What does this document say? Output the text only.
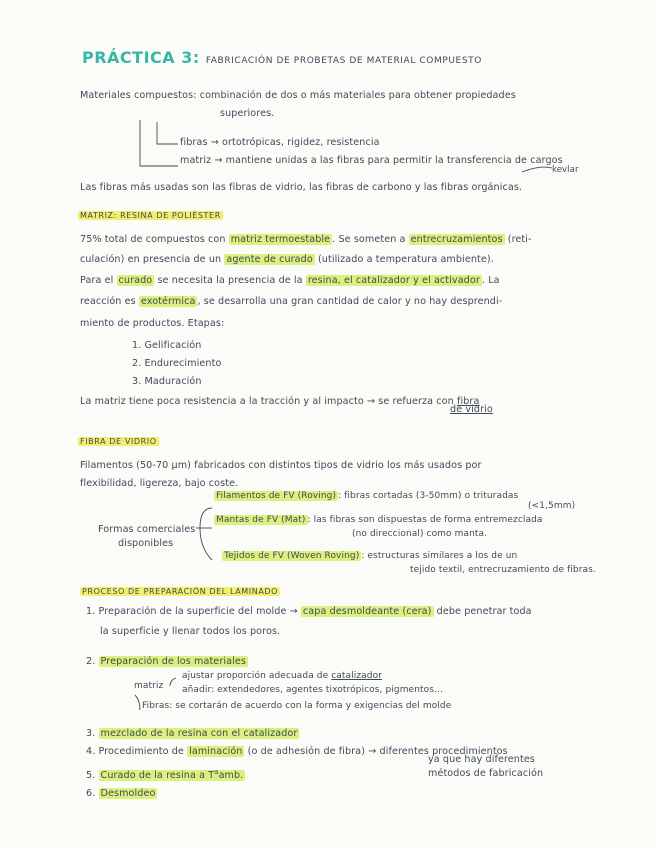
PRÁCTICA 3: FABRICACIÓN DE PROBETAS DE MATERIAL COMPUESTO
Materiales compuestos: combinación de dos o más materiales para obtener propiedades
superiores.
fibras → ortotrópicas, rigidez, resistencia
matriz → mantiene unidas a las fibras para permitir la transferencia de cargos
kevlar
Las fibras más usadas son las fibras de vidrio, las fibras de carbono y las fibras orgánicas.
MATRIZ: RESINA DE POLIÉSTER
75% total de compuestos con matriz termoestable . Se someten a entrecruzamientos (reti-
culación) en presencia de un agente de curado (utilizado a temperatura ambiente).
Para el curado se necesita la presencia de la resina, el catalizador y el activador . La
reacción es exotérmica , se desarrolla una gran cantidad de calor y no hay desprendi-
miento de productos. Etapas:
1. Gelificación
2. Endurecimiento
3. Maduración
La matriz tiene poca resistencia a la tracción y al impacto → se refuerza con fibra
de vidrio
FIBRA DE VIDRIO
Filamentos (50-70 μm) fabricados con distintos tipos de vidrio los más usados por
flexibilidad, ligereza, bajo coste.
Formas comerciales
disponibles
Filamentos de FV (Roving) : fibras cortadas (3-50mm) o trituradas
(<1,5mm)
Mantas de FV (Mat) : las fibras son dispuestas de forma entremezclada
(no direccional) como manta.
Tejidos de FV (Woven Roving) : estructuras similares a los de un
tejido textil, entrecruzamiento de fibras.
PROCESO DE PREPARACIÓN DEL LAMINADO
1. Preparación de la superficie del molde → capa desmoldeante (cera) debe penetrar toda
la superficie y llenar todos los poros.
2. Preparación de los materiales
ajustar proporción adecuada de catalizador
matriz añadir: extendedores, agentes tixotrópicos, pigmentos...
Fibras: se cortarán de acuerdo con la forma y exigencias del molde
3. mezclado de la resina con el catalizador
4. Procedimiento de laminación (o de adhesión de fibra) → diferentes procedimientos
ya que hay diferentes
métodos de fabricación
5. Curado de la resina a $T^aamb$.
6. Desmoldeo
